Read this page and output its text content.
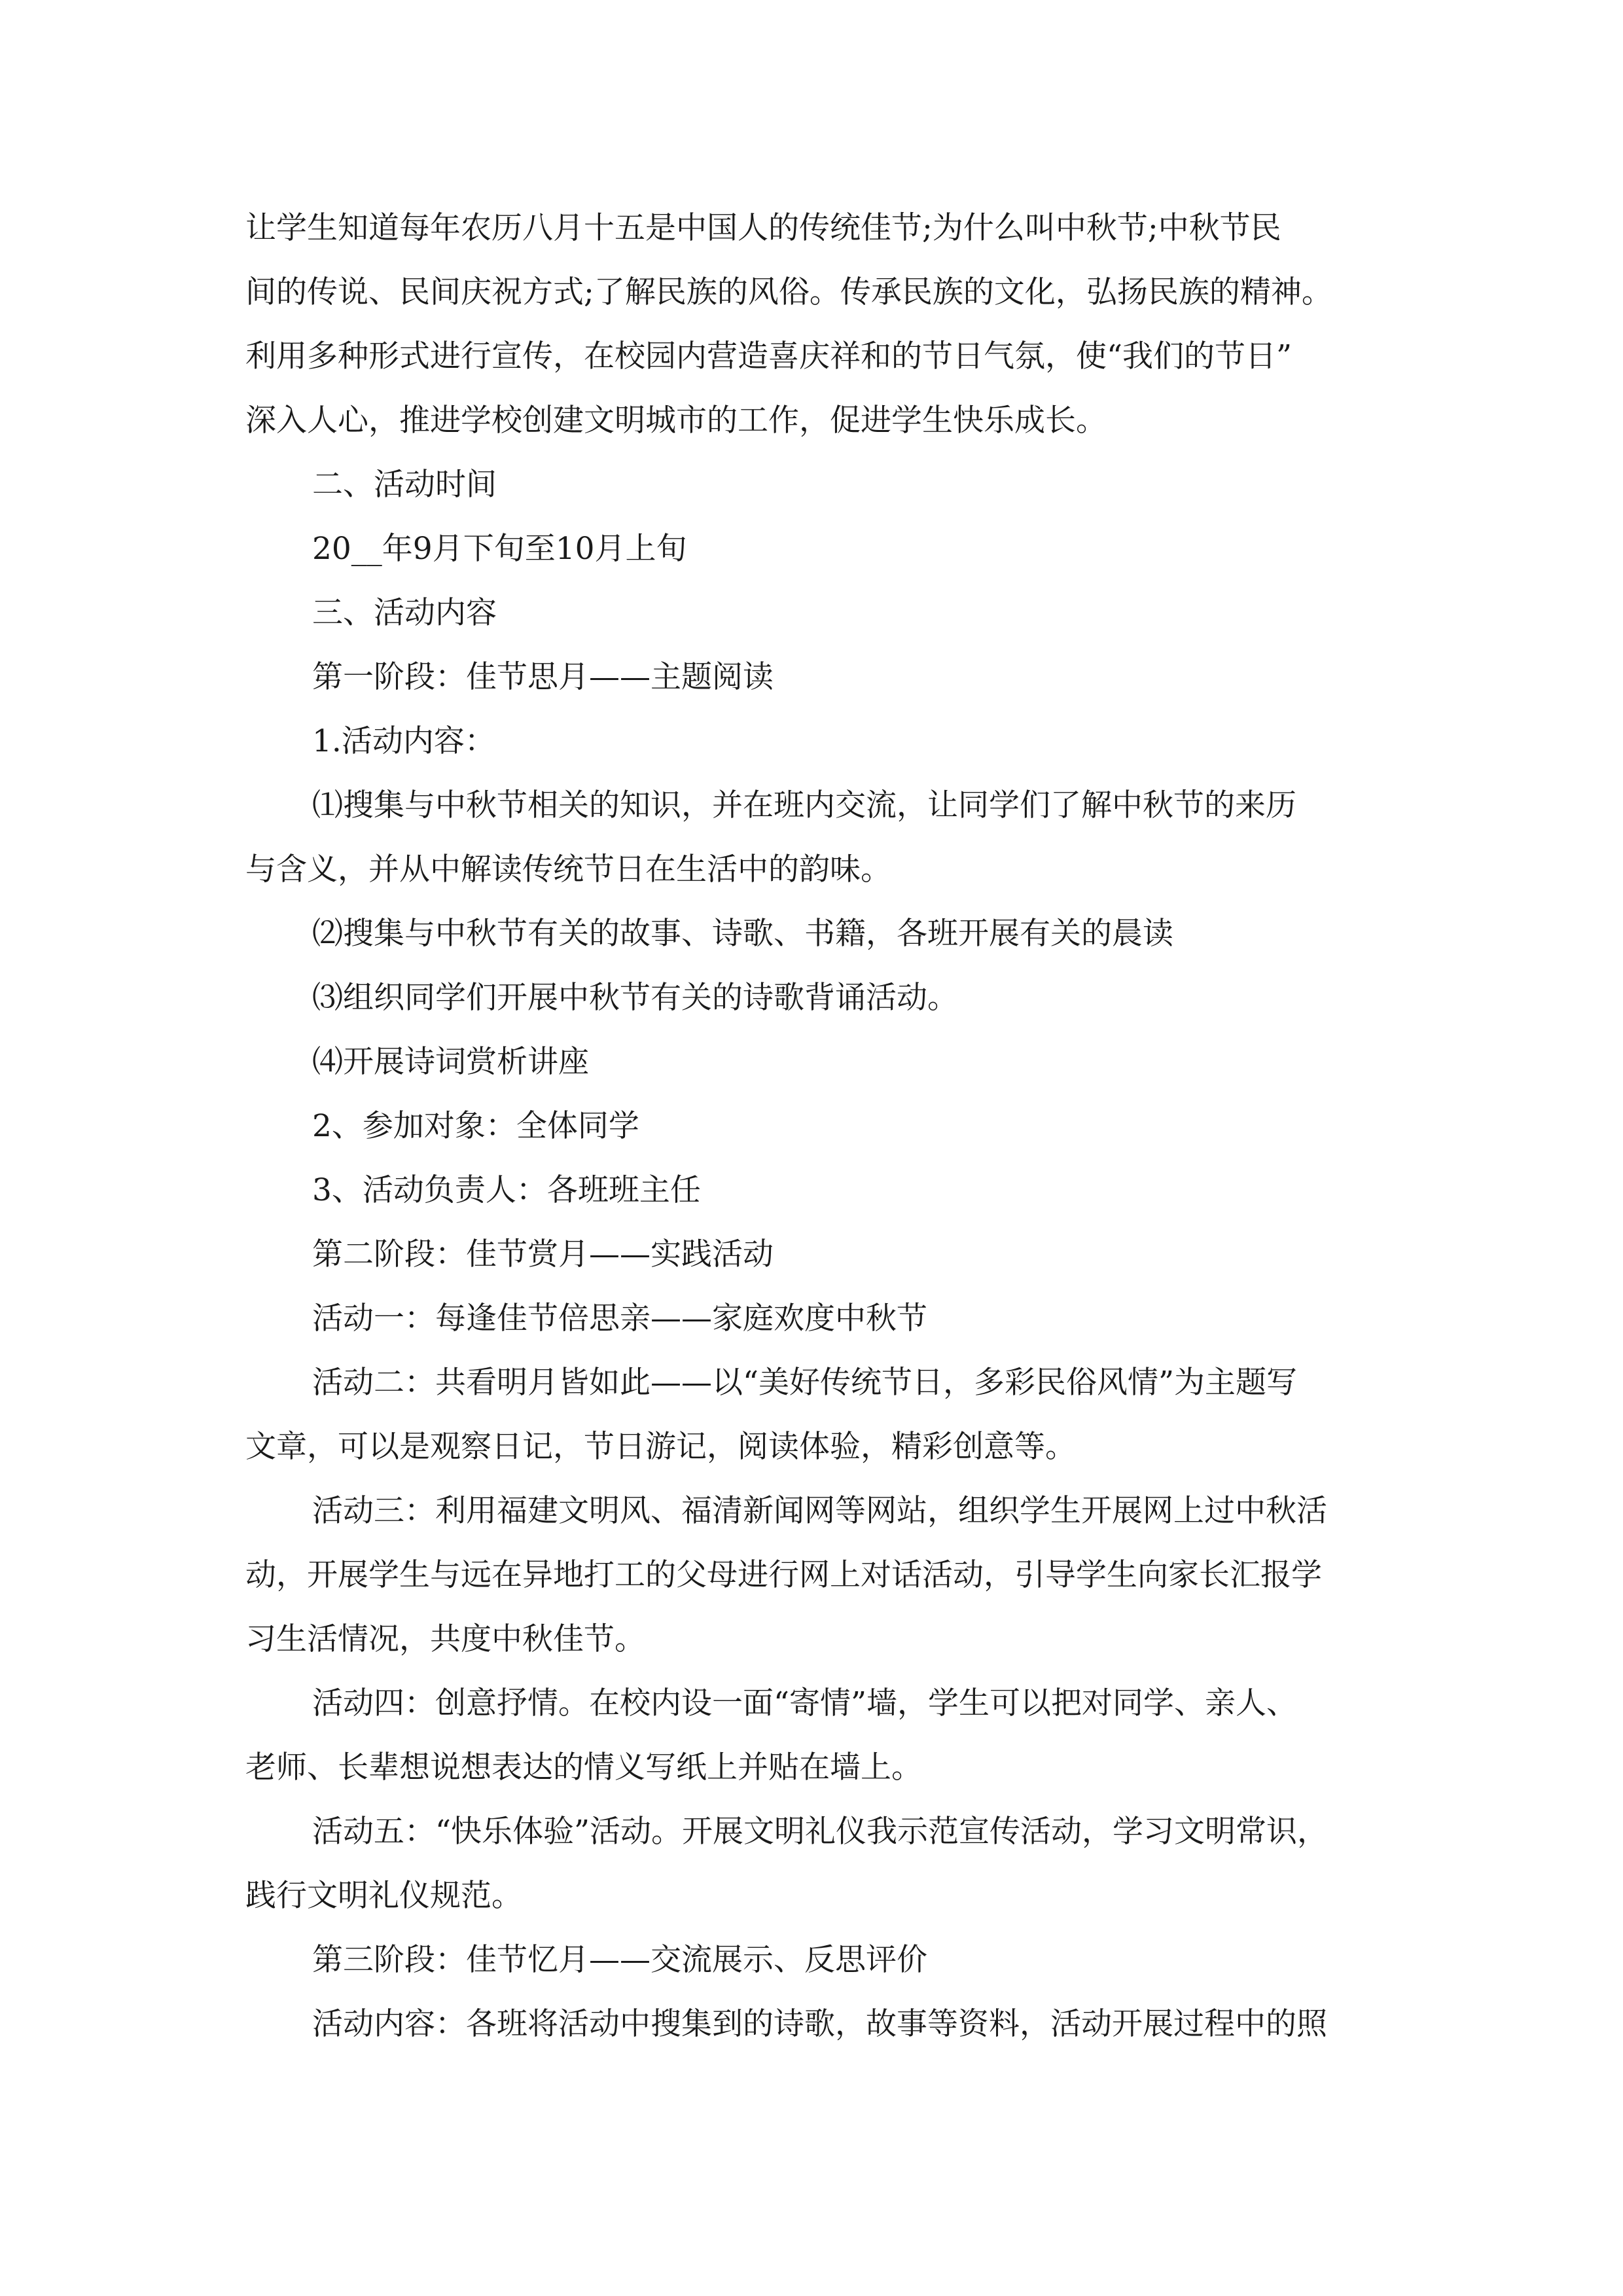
让学生知道每年农历八月十五是中国人的传统佳节;为什么叫中秋节;中秋节民
间的传说、民间庆祝方式;了解民族的风俗。传承民族的文化，弘扬民族的精神。
利用多种形式进行宣传，在校园内营造喜庆祥和的节日气氛，使“我们的节日”
深入人心，推进学校创建文明城市的工作，促进学生快乐成长。
二、活动时间
20__年9月下旬至10月上旬
三、活动内容
第一阶段：佳节思月——主题阅读
1.活动内容：
⑴搜集与中秋节相关的知识，并在班内交流，让同学们了解中秋节的来历
与含义，并从中解读传统节日在生活中的韵味。
⑵搜集与中秋节有关的故事、诗歌、书籍，各班开展有关的晨读
⑶组织同学们开展中秋节有关的诗歌背诵活动。
⑷开展诗词赏析讲座
2、参加对象：全体同学
3、活动负责人：各班班主任
第二阶段：佳节赏月——实践活动
活动一：每逢佳节倍思亲——家庭欢度中秋节
活动二：共看明月皆如此——以“美好传统节日，多彩民俗风情”为主题写
文章，可以是观察日记，节日游记，阅读体验，精彩创意等。
活动三：利用福建文明风、福清新闻网等网站，组织学生开展网上过中秋活
动，开展学生与远在异地打工的父母进行网上对话活动，引导学生向家长汇报学
习生活情况，共度中秋佳节。
活动四：创意抒情。在校内设一面“寄情”墙，学生可以把对同学、亲人、
老师、长辈想说想表达的情义写纸上并贴在墙上。
活动五：“快乐体验”活动。开展文明礼仪我示范宣传活动，学习文明常识，
践行文明礼仪规范。
第三阶段：佳节忆月——交流展示、反思评价
活动内容：各班将活动中搜集到的诗歌，故事等资料，活动开展过程中的照
